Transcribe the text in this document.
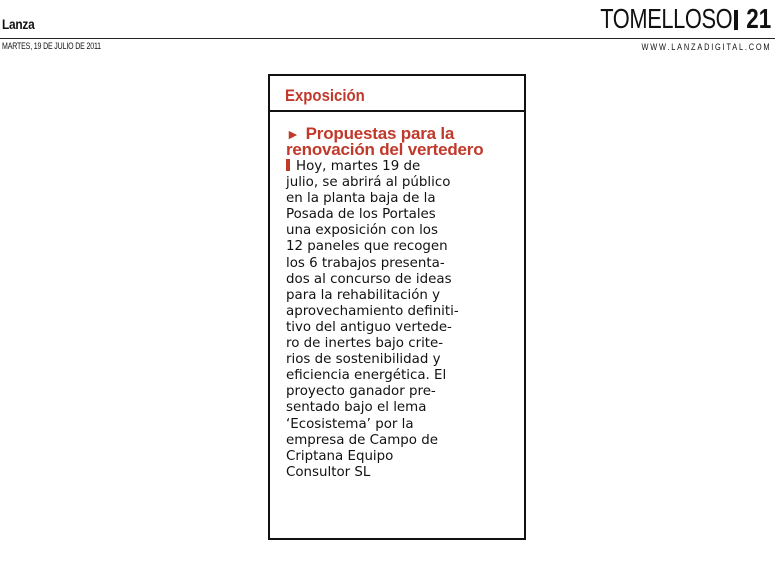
Lanza
MARTES, 19 DE JULIO DE 2011
TOMELLOSO 21
WWW.LANZADIGITAL.COM
Exposición
► Propuestas para la renovación del vertedero
Hoy, martes 19 de
julio, se abrirá al público
en la planta baja de la
Posada de los Portales
una exposición con los
12 paneles que recogen
los 6 trabajos presenta-
dos al concurso de ideas
para la rehabilitación y
aprovechamiento definiti-
tivo del antiguo vertede-
ro de inertes bajo crite-
rios de sostenibilidad y
eficiencia energética. El
proyecto ganador pre-
sentado bajo el lema
‘Ecosistema’ por la
empresa de Campo de
Criptana Equipo
Consultor SL
